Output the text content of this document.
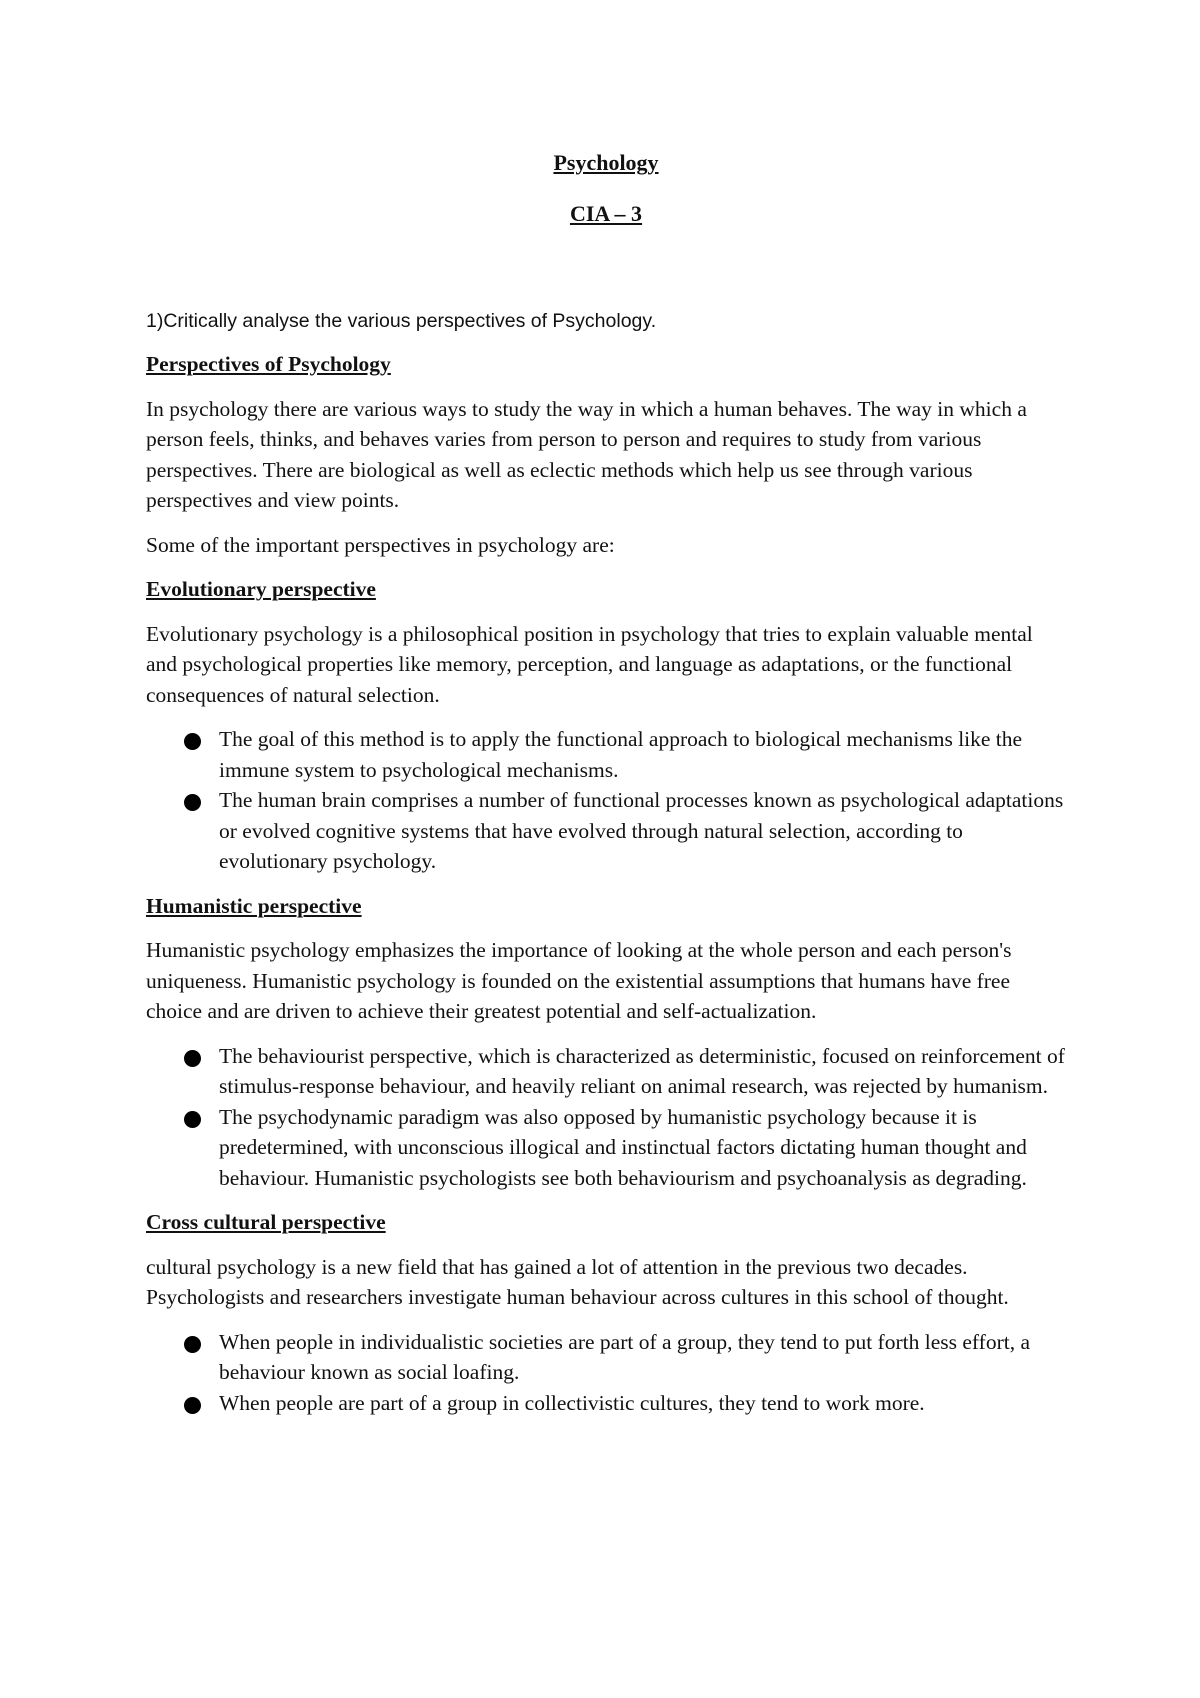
Psychology
CIA – 3

1)Critically analyse the various perspectives of Psychology.

Perspectives of Psychology

In psychology there are various ways to study the way in which a human behaves. The way in which a person feels, thinks, and behaves varies from person to person and requires to study from various perspectives. There are biological as well as eclectic methods which help us see through various perspectives and view points.

Some of the important perspectives in psychology are:

Evolutionary perspective

Evolutionary psychology is a philosophical position in psychology that tries to explain valuable mental and psychological properties like memory, perception, and language as adaptations, or the functional consequences of natural selection.

The goal of this method is to apply the functional approach to biological mechanisms like the immune system to psychological mechanisms.
The human brain comprises a number of functional processes known as psychological adaptations or evolved cognitive systems that have evolved through natural selection, according to evolutionary psychology.
Humanistic perspective

Humanistic psychology emphasizes the importance of looking at the whole person and each person's uniqueness. Humanistic psychology is founded on the existential assumptions that humans have free choice and are driven to achieve their greatest potential and self-actualization.

The behaviourist perspective, which is characterized as deterministic, focused on reinforcement of stimulus-response behaviour, and heavily reliant on animal research, was rejected by humanism.
The psychodynamic paradigm was also opposed by humanistic psychology because it is predetermined, with unconscious illogical and instinctual factors dictating human thought and behaviour. Humanistic psychologists see both behaviourism and psychoanalysis as degrading.
Cross cultural perspective

cultural psychology is a new field that has gained a lot of attention in the previous two decades. Psychologists and researchers investigate human behaviour across cultures in this school of thought.

When people in individualistic societies are part of a group, they tend to put forth less effort, a behaviour known as social loafing.
When people are part of a group in collectivistic cultures, they tend to work more.
